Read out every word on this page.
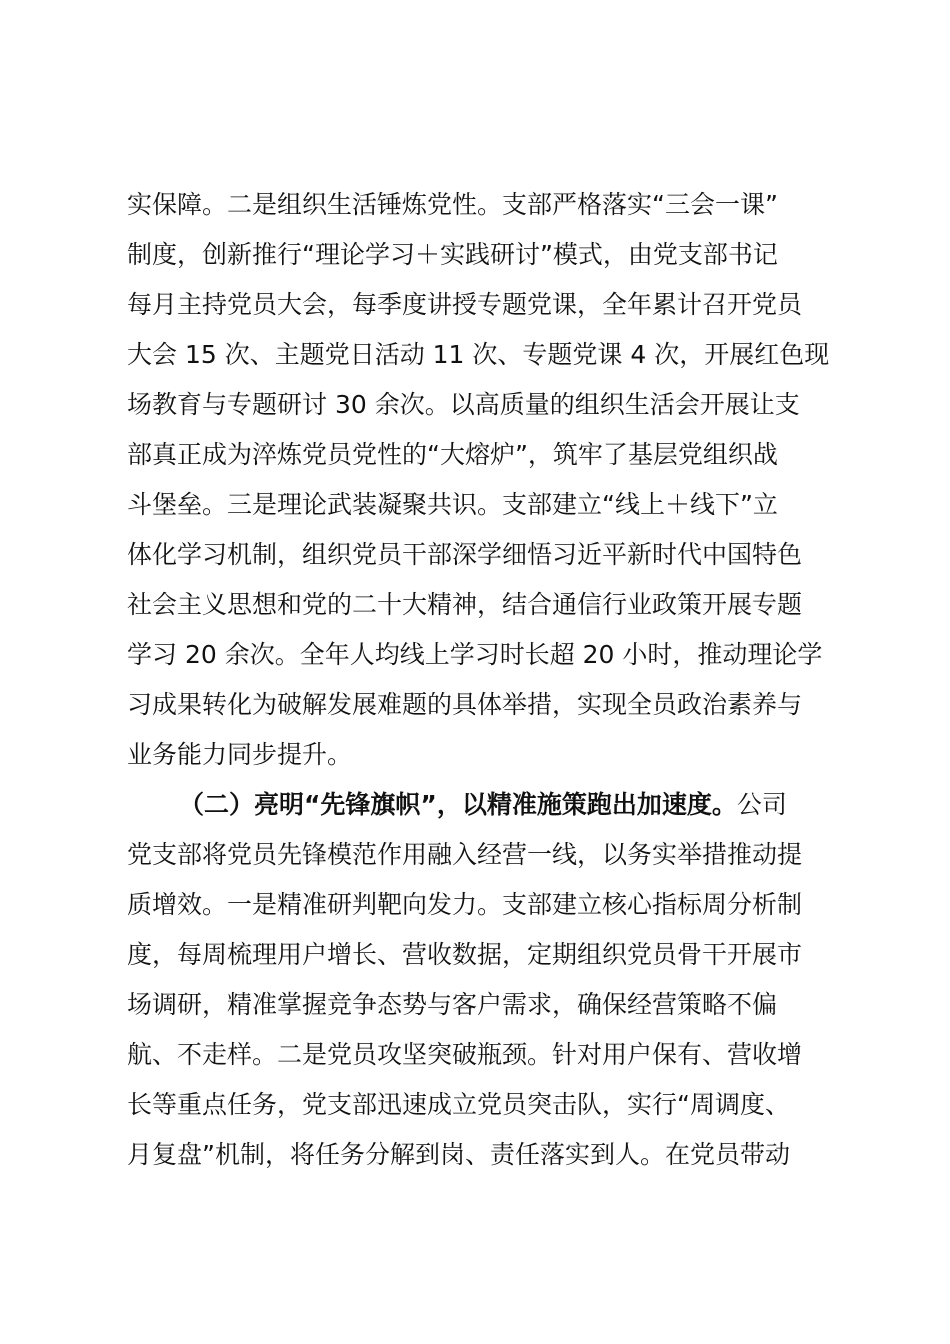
实保障。二是组织生活锤炼党性。支部严格落实“三会一课”
制度，创新推行“理论学习＋实践研讨”模式，由党支部书记
每月主持党员大会，每季度讲授专题党课，全年累计召开党员
大会 15 次、主题党日活动 11 次、专题党课 4 次，开展红色现
场教育与专题研讨 30 余次。以高质量的组织生活会开展让支
部真正成为淬炼党员党性的“大熔炉”，筑牢了基层党组织战
斗堡垒。三是理论武装凝聚共识。支部建立“线上＋线下”立
体化学习机制，组织党员干部深学细悟习近平新时代中国特色
社会主义思想和党的二十大精神，结合通信行业政策开展专题
学习 20 余次。全年人均线上学习时长超 20 小时，推动理论学
习成果转化为破解发展难题的具体举措，实现全员政治素养与
业务能力同步提升。
（二）亮明“先锋旗帜”，以精准施策跑出加速度。公司
党支部将党员先锋模范作用融入经营一线，以务实举措推动提
质增效。一是精准研判靶向发力。支部建立核心指标周分析制
度，每周梳理用户增长、营收数据，定期组织党员骨干开展市
场调研，精准掌握竞争态势与客户需求，确保经营策略不偏
航、不走样。二是党员攻坚突破瓶颈。针对用户保有、营收增
长等重点任务，党支部迅速成立党员突击队，实行“周调度、
月复盘”机制，将任务分解到岗、责任落实到人。在党员带动
